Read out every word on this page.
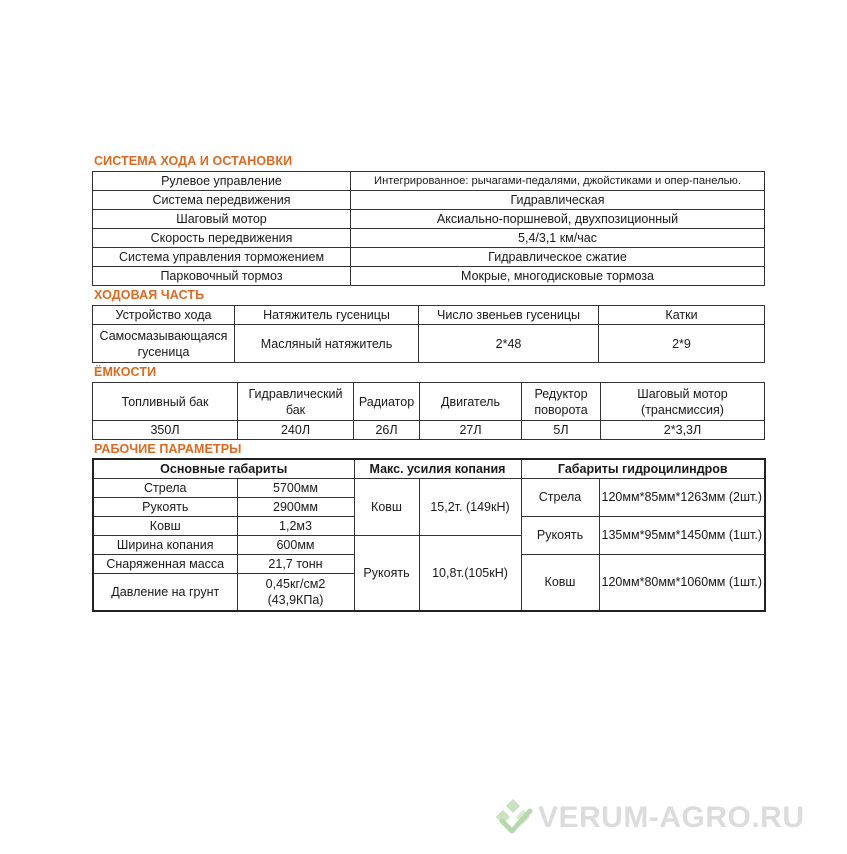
СИСТЕМА ХОДА И ОСТАНОВКИ
Рулевое управление	Интегрированное: рычагами-педалями, джойстиками и опер-панелью.
Система передвижения	Гидравлическая
Шаговый мотор	Аксиально-поршневой, двухпозиционный
Скорость передвижения	5,4/3,1 км/час
Система управления торможением	Гидравлическое сжатие
Парковочный тормоз	Мокрые, многодисковые тормоза
ХОДОВАЯ ЧАСТЬ
Устройство хода	Натяжитель гусеницы	Число звеньев гусеницы	Катки
Самосмазывающаяся гусеница	Масляный натяжитель	2*48	2*9
ЁМКОСТИ
Топливный бак	Гидравлический бак	Радиатор	Двигатель	Редуктор поворота	Шаговый мотор (трансмиссия)
350Л	240Л	26Л	27Л	5Л	2*3,3Л
РАБОЧИЕ ПАРАМЕТРЫ
Основные габариты		Макс. усилия копания		Габариты гидроцилиндров	
Стрела	5700мм	Ковш	15,2т. (149кН)	Стрела	120мм*85мм*1263мм (2шт.)
Рукоять	2900мм				
Ковш	1,2м3			Рукоять	135мм*95мм*1450мм (1шт.)
Ширина копания	600мм	Рукоять	10,8т.(105кН)		
Снаряженная масса	21,7 тонн			Ковш	120мм*80мм*1060мм (1шт.)
Давление на грунт	0,45кг/см2 (43,9КПа)				
VERUM-AGRO.RU
